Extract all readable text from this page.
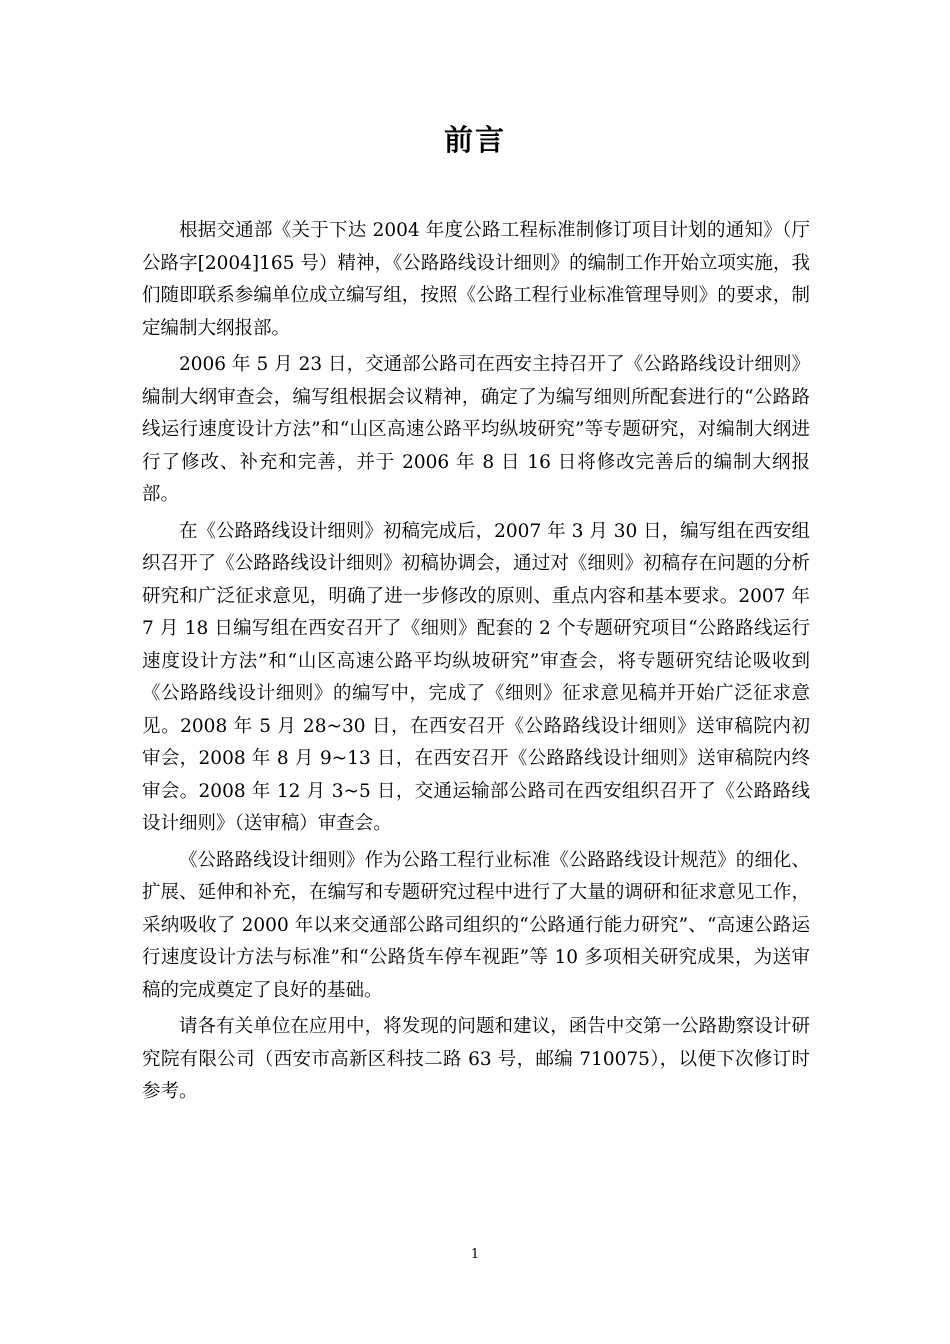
前言

根据交通部《关于下达 2004 年度公路工程标准制修订项目计划的通知》（厅公路字[2004]165 号）精神，《公路路线设计细则》的编制工作开始立项实施，我们随即联系参编单位成立编写组，按照《公路工程行业标准管理导则》的要求，制定编制大纲报部。

2006 年 5 月 23 日，交通部公路司在西安主持召开了《公路路线设计细则》编制大纲审查会，编写组根据会议精神，确定了为编写细则所配套进行的“公路路线运行速度设计方法”和“山区高速公路平均纵坡研究”等专题研究，对编制大纲进行了修改、补充和完善，并于 2006 年 8 日 16 日将修改完善后的编制大纲报部。

在《公路路线设计细则》初稿完成后，2007 年 3 月 30 日，编写组在西安组织召开了《公路路线设计细则》初稿协调会，通过对《细则》初稿存在问题的分析研究和广泛征求意见，明确了进一步修改的原则、重点内容和基本要求。2007 年 7 月 18 日编写组在西安召开了《细则》配套的 2 个专题研究项目“公路路线运行速度设计方法”和“山区高速公路平均纵坡研究”审查会，将专题研究结论吸收到《公路路线设计细则》的编写中，完成了《细则》征求意见稿并开始广泛征求意见。2008 年 5 月 28~30 日，在西安召开《公路路线设计细则》送审稿院内初审会，2008 年 8 月 9~13 日，在西安召开《公路路线设计细则》送审稿院内终审会。2008 年 12 月 3~5 日，交通运输部公路司在西安组织召开了《公路路线设计细则》（送审稿）审查会。

《公路路线设计细则》作为公路工程行业标准《公路路线设计规范》的细化、扩展、延伸和补充，在编写和专题研究过程中进行了大量的调研和征求意见工作，采纳吸收了 2000 年以来交通部公路司组织的“公路通行能力研究”、“高速公路运行速度设计方法与标准”和“公路货车停车视距”等 10 多项相关研究成果，为送审稿的完成奠定了良好的基础。

请各有关单位在应用中，将发现的问题和建议，函告中交第一公路勘察设计研究院有限公司（西安市高新区科技二路 63 号，邮编 710075），以便下次修订时参考。

1
